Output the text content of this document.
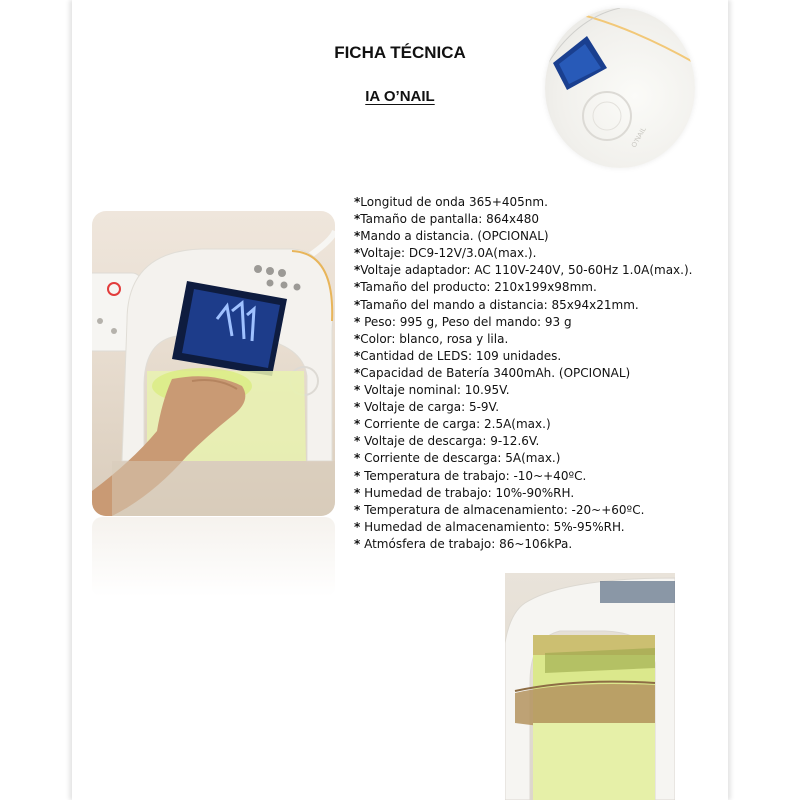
FICHA TÉCNICA
IA O’NAIL
O'NAIL
*Longitud de onda 365+405nm.
*Tamaño de pantalla: 864x480
*Mando a distancia. (OPCIONAL)
*Voltaje: DC9-12V/3.0A(max.).
*Voltaje adaptador: AC 110V-240V, 50-60Hz 1.0A(max.).
*Tamaño del producto: 210x199x98mm.
*Tamaño del mando a distancia: 85x94x21mm.
* Peso: 995 g, Peso del mando: 93 g
*Color: blanco, rosa y lila.
*Cantidad de LEDS: 109 unidades.
*Capacidad de Batería 3400mAh. (OPCIONAL)
* Voltaje nominal: 10.95V.
* Voltaje de carga: 5-9V.
* Corriente de carga: 2.5A(max.)
* Voltaje de descarga: 9-12.6V.
* Corriente de descarga: 5A(max.)
* Temperatura de trabajo: -10~+40ºC.
* Humedad de trabajo: 10%-90%RH.
* Temperatura de almacenamiento: -20~+60ºC.
* Humedad de almacenamiento: 5%-95%RH.
* Atmósfera de trabajo: 86~106kPa.
